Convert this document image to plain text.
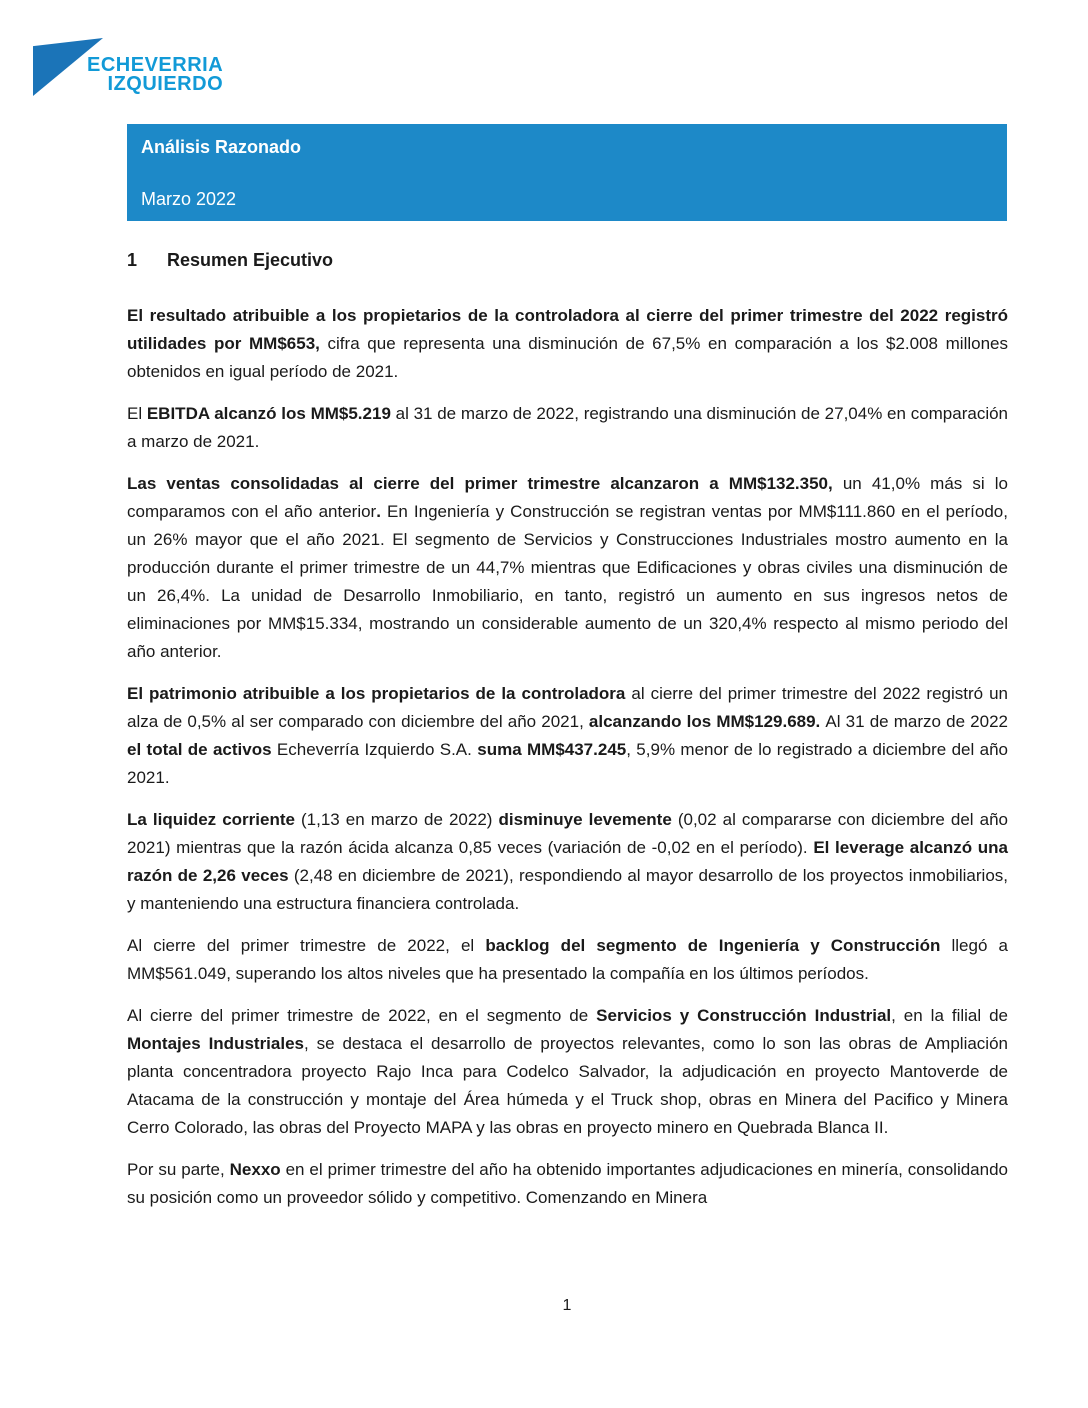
ECHEVERRIA
IZQUIERDO
Análisis Razonado
Marzo 2022
1	Resumen Ejecutivo

El resultado atribuible a los propietarios de la controladora al cierre del primer trimestre del 2022 registró utilidades por MM$653, cifra que representa una disminución de 67,5% en comparación a los $2.008 millones obtenidos en igual período de 2021.

El EBITDA alcanzó los MM$5.219 al 31 de marzo de 2022, registrando una disminución de 27,04% en comparación a marzo de 2021.

Las ventas consolidadas al cierre del primer trimestre alcanzaron a MM$132.350, un 41,0% más si lo comparamos con el año anterior. En Ingeniería y Construcción se registran ventas por MM$111.860 en el período, un 26% mayor que el año 2021. El segmento de Servicios y Construcciones Industriales mostro aumento en la producción durante el primer trimestre de un 44,7% mientras que Edificaciones y obras civiles una disminución de un 26,4%. La unidad de Desarrollo Inmobiliario, en tanto, registró un aumento en sus ingresos netos de eliminaciones por MM$15.334, mostrando un considerable aumento de un 320,4% respecto al mismo periodo del año anterior.

El patrimonio atribuible a los propietarios de la controladora al cierre del primer trimestre del 2022 registró un alza de 0,5% al ser comparado con diciembre del año 2021, alcanzando los MM$129.689. Al 31 de marzo de 2022 el total de activos Echeverría Izquierdo S.A. suma MM$437.245, 5,9% menor de lo registrado a diciembre del año 2021.

La liquidez corriente (1,13 en marzo de 2022) disminuye levemente (0,02 al compararse con diciembre del año 2021) mientras que la razón ácida alcanza 0,85 veces (variación de -0,02 en el período). El leverage alcanzó una razón de 2,26 veces (2,48 en diciembre de 2021), respondiendo al mayor desarrollo de los proyectos inmobiliarios, y manteniendo una estructura financiera controlada.

Al cierre del primer trimestre de 2022, el backlog del segmento de Ingeniería y Construcción llegó a MM$561.049, superando los altos niveles que ha presentado la compañía en los últimos períodos.

Al cierre del primer trimestre de 2022, en el segmento de Servicios y Construcción Industrial, en la filial de Montajes Industriales, se destaca el desarrollo de proyectos relevantes, como lo son las obras de Ampliación planta concentradora proyecto Rajo Inca para Codelco Salvador, la adjudicación en proyecto Mantoverde de Atacama de la construcción y montaje del Área húmeda y el Truck shop, obras en Minera del Pacifico y Minera Cerro Colorado, las obras del Proyecto MAPA y las obras en proyecto minero en Quebrada Blanca II.

Por su parte, Nexxo en el primer trimestre del año ha obtenido importantes adjudicaciones en minería, consolidando su posición como un proveedor sólido y competitivo. Comenzando en Minera

1
